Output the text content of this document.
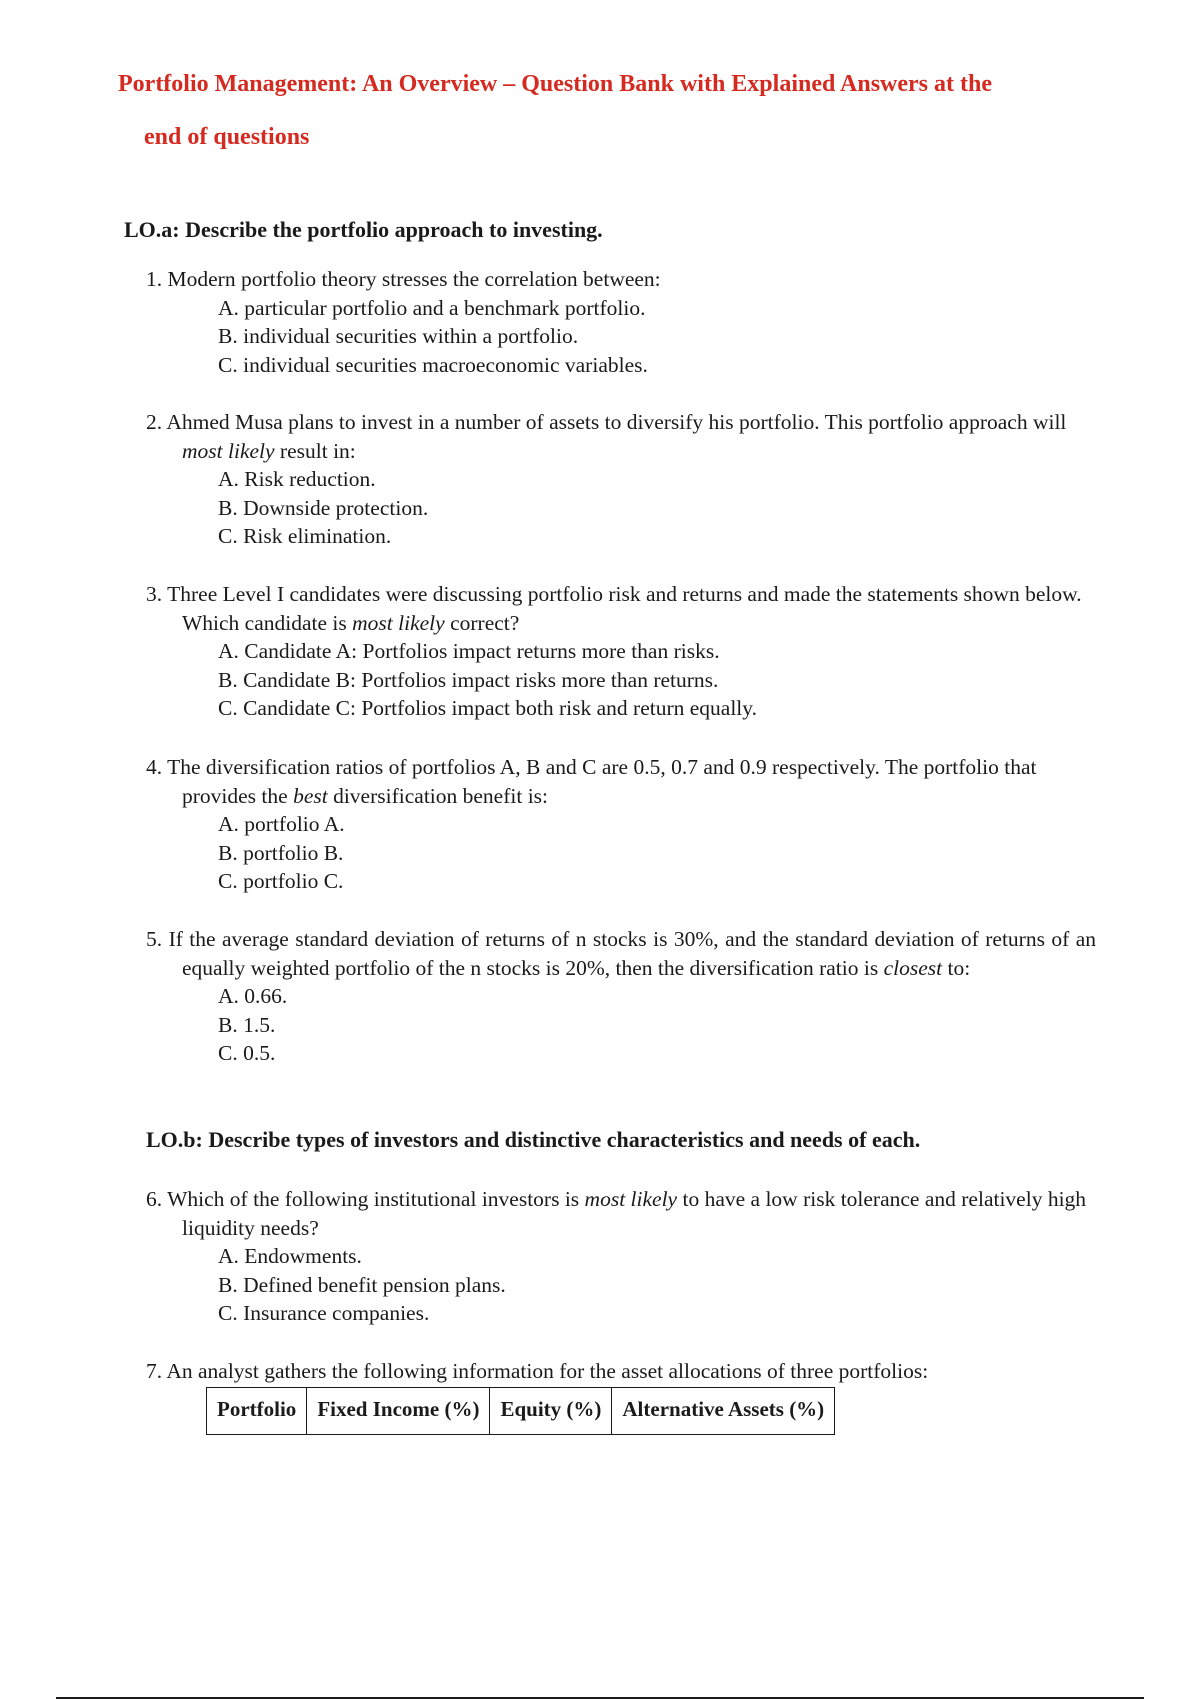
Portfolio Management: An Overview – Question Bank with Explained Answers at the
end of questions
LO.a: Describe the portfolio approach to investing.
1. Modern portfolio theory stresses the correlation between:
A. particular portfolio and a benchmark portfolio.
B. individual securities within a portfolio.
C. individual securities macroeconomic variables.
2. Ahmed Musa plans to invest in a number of assets to diversify his portfolio. This portfolio approach will most likely result in:
A. Risk reduction.
B. Downside protection.
C. Risk elimination.
3. Three Level I candidates were discussing portfolio risk and returns and made the statements shown below. Which candidate is most likely correct?
A. Candidate A: Portfolios impact returns more than risks.
B. Candidate B: Portfolios impact risks more than returns.
C. Candidate C: Portfolios impact both risk and return equally.
4. The diversification ratios of portfolios A, B and C are 0.5, 0.7 and 0.9 respectively. The portfolio that provides the best diversification benefit is:
A. portfolio A.
B. portfolio B.
C. portfolio C.
5. If the average standard deviation of returns of n stocks is 30%, and the standard deviation of returns of an equally weighted portfolio of the n stocks is 20%, then the diversification ratio is closest to:
A. 0.66.
B. 1.5.
C. 0.5.
LO.b: Describe types of investors and distinctive characteristics and needs of each.
6. Which of the following institutional investors is most likely to have a low risk tolerance and relatively high liquidity needs?
A. Endowments.
B. Defined benefit pension plans.
C. Insurance companies.
7. An analyst gathers the following information for the asset allocations of three portfolios:
Portfolio	Fixed Income (%)	Equity (%)	Alternative Assets (%)
